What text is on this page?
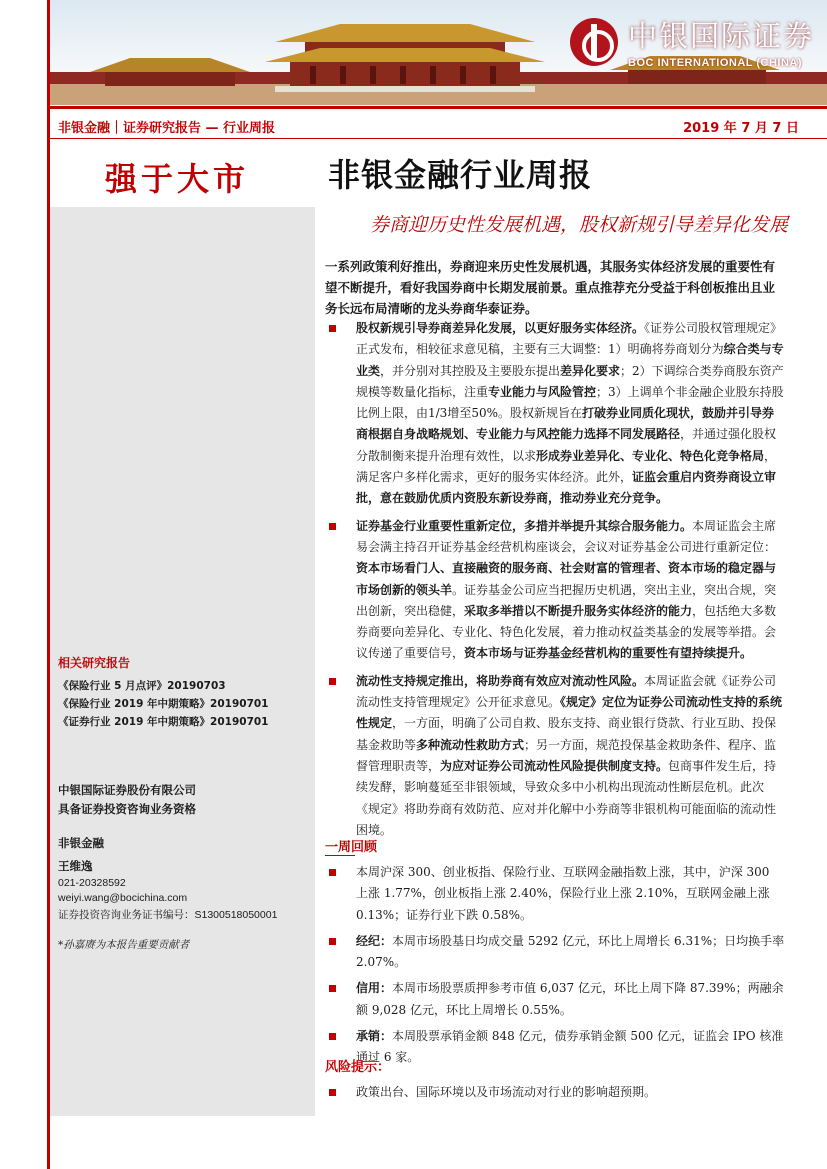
中银国际证券
BOC INTERNATIONAL (CHINA)
非银金融｜证券研究报告 — 行业周报	2019 年 7 月 7 日
强于大市
相关研究报告
《保险行业 5 月点评》20190703
《保险行业 2019 年中期策略》20190701
《证券行业 2019 年中期策略》20190701
中银国际证券股份有限公司
具备证券投资咨询业务资格
非银金融
王维逸
021-20328592
weiyi.wang@bocichina.com
证券投资咨询业务证书编号：S1300518050001
*孙嘉赓为本报告重要贡献者
非银金融行业周报
券商迎历史性发展机遇，股权新规引导差异化发展
一系列政策利好推出，券商迎来历史性发展机遇，其服务实体经济发展的重要性有望不断提升，看好我国券商中长期发展前景。重点推荐充分受益于科创板推出且业务长远布局清晰的龙头券商华泰证券。
股权新规引导券商差异化发展，以更好服务实体经济。《证券公司股权管理规定》正式发布，相较征求意见稿，主要有三大调整：1）明确将券商划分为综合类与专业类，并分别对其控股及主要股东提出差异化要求；2）下调综合类券商股东资产规模等数量化指标，注重专业能力与风险管控；3）上调单个非金融企业股东持股比例上限，由1/3增至50%。股权新规旨在打破券业同质化现状，鼓励并引导券商根据自身战略规划、专业能力与风控能力选择不同发展路径，并通过强化股权分散制衡来提升治理有效性，以求形成券业差异化、专业化、特色化竞争格局，满足客户多样化需求，更好的服务实体经济。此外，证监会重启内资券商设立审批，意在鼓励优质内资股东新设券商，推动券业充分竞争。
证券基金行业重要性重新定位，多措并举提升其综合服务能力。本周证监会主席易会满主持召开证券基金经营机构座谈会，会议对证券基金公司进行重新定位：资本市场看门人、直接融资的服务商、社会财富的管理者、资本市场的稳定器与市场创新的领头羊。证券基金公司应当把握历史机遇，突出主业，突出合规，突出创新，突出稳健，采取多举措以不断提升服务实体经济的能力，包括绝大多数券商要向差异化、专业化、特色化发展，着力推动权益类基金的发展等举措。会议传递了重要信号，资本市场与证券基金经营机构的重要性有望持续提升。
流动性支持规定推出，将助券商有效应对流动性风险。本周证监会就《证券公司流动性支持管理规定》公开征求意见。《规定》定位为证券公司流动性支持的系统性规定，一方面，明确了公司自救、股东支持、商业银行贷款、行业互助、投保基金救助等多种流动性救助方式；另一方面，规范投保基金救助条件、程序、监督管理职责等，为应对证券公司流动性风险提供制度支持。包商事件发生后，持续发酵，影响蔓延至非银领域，导致众多中小机构出现流动性断层危机。此次《规定》将助券商有效防范、应对并化解中小券商等非银机构可能面临的流动性困境。
一周回顾
本周沪深 300、创业板指、保险行业、互联网金融指数上涨，其中，沪深 300 上涨 1.77%，创业板指上涨 2.40%，保险行业上涨 2.10%，互联网金融上涨 0.13%；证券行业下跌 0.58%。
经纪：本周市场股基日均成交量 5292 亿元，环比上周增长 6.31%；日均换手率 2.07%。
信用：本周市场股票质押参考市值 6,037 亿元，环比上周下降 87.39%；两融余额 9,028 亿元，环比上周增长 0.55%。
承销：本周股票承销金额 848 亿元，债券承销金额 500 亿元，证监会 IPO 核准通过 6 家。
风险提示：
政策出台、国际环境以及市场流动对行业的影响超预期。
